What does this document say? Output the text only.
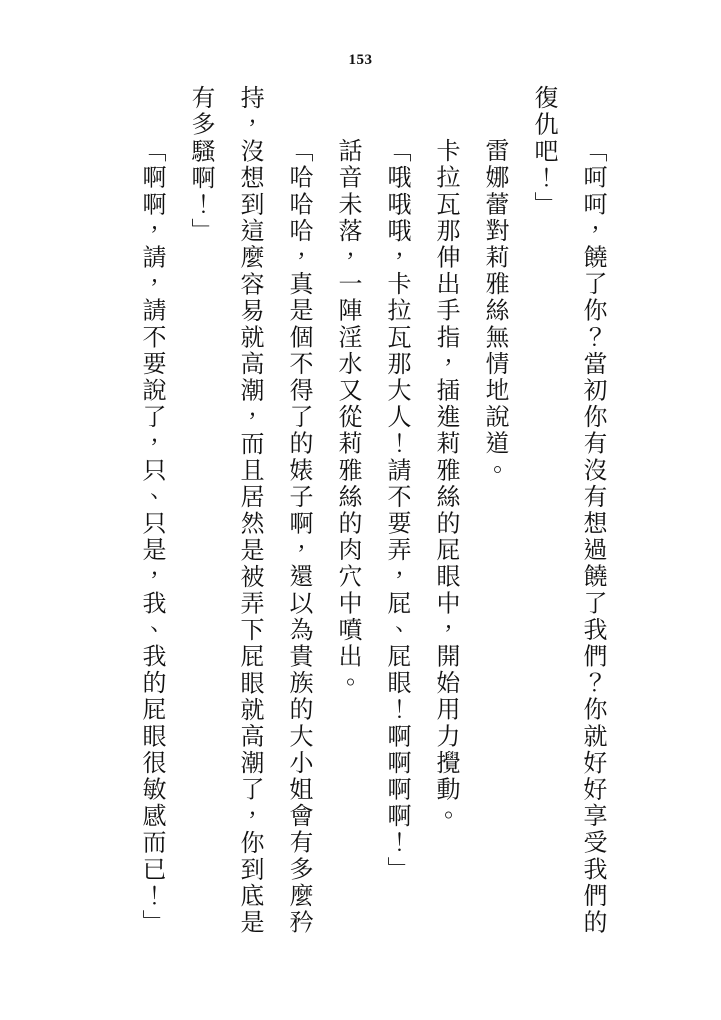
153
「呵呵，饒了你？當初你有沒有想過饒了我們？你就好好享受我們的
復仇吧！」
雷娜蕾對莉雅絲無情地說道。
卡拉瓦那伸出手指，插進莉雅絲的屁眼中，開始用力攪動。
「哦哦哦，卡拉瓦那大人！請不要弄，屁、屁眼！啊啊啊啊！」
話音未落，一陣淫水又從莉雅絲的肉穴中噴出。
「哈哈哈，真是個不得了的婊子啊，還以為貴族的大小姐會有多麼矜
持，沒想到這麼容易就高潮，而且居然是被弄下屁眼就高潮了，你到底是
有多騷啊！」
「啊啊，請，請不要說了，只、只是，我、我的屁眼很敏感而已！」
